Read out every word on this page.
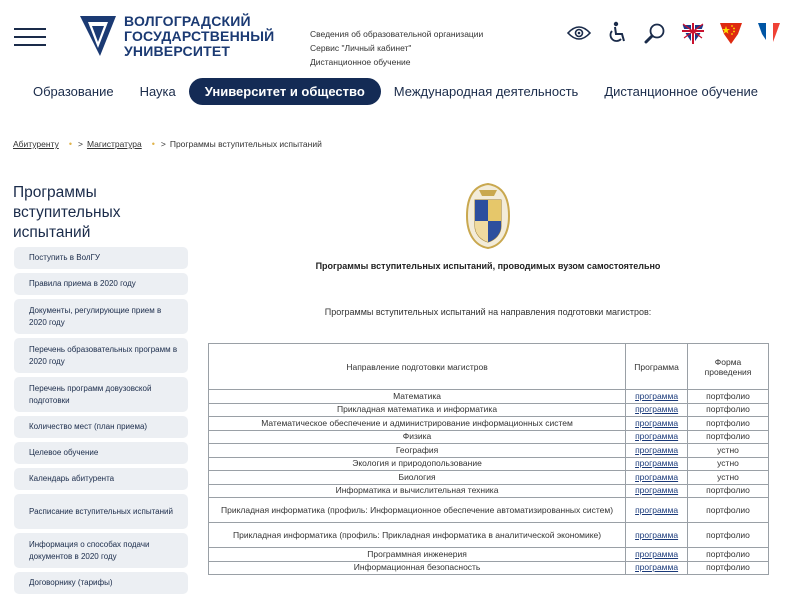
ВОЛГОГРАДСКИЙ
ГОСУДАРСТВЕННЫЙ
УНИВЕРСИТЕТ
Сведения об образовательной организации
Сервис "Личный кабинет"
Дистанционное обучение
Образование	Наука	Университет и общество	Международная деятельность	Дистанционное обучение
Абитуренту • > Магистратура • > Программы вступительных испытаний
Программы вступительных испытаний
Поступить в ВолГУ
Правила приема в 2020 году
Документы, регулирующие прием в 2020 году
Перечень образовательных программ в 2020 году
Перечень программ довузовской подготовки
Количество мест (план приема)
Целевое обучение
Календарь абитурента
Расписание вступительных испытаний
Информация о способах подачи документов в 2020 году
Договорнику (тарифы)
Программы вступительных испытаний, проводимых вузом самостоятельно
Программы вступительных испытаний на направления подготовки магистров:
Направление подготовки магистров	Программа	Форма проведения
Математика	программа	портфолио
Прикладная математика и информатика	программа	портфолио
Математическое обеспечение и администрирование информационных систем	программа	портфолио
Физика	программа	портфолио
География	программа	устно
Экология и природопользование	программа	устно
Биология	программа	устно
Информатика и вычислительная техника	программа	портфолио
Прикладная информатика (профиль: Информационное обеспечение автоматизированных систем)	программа	портфолио
Прикладная информатика (профиль: Прикладная информатика в аналитической экономике)	программа	портфолио
Программная инженерия	программа	портфолио
Информационная безопасность	программа	портфолио
